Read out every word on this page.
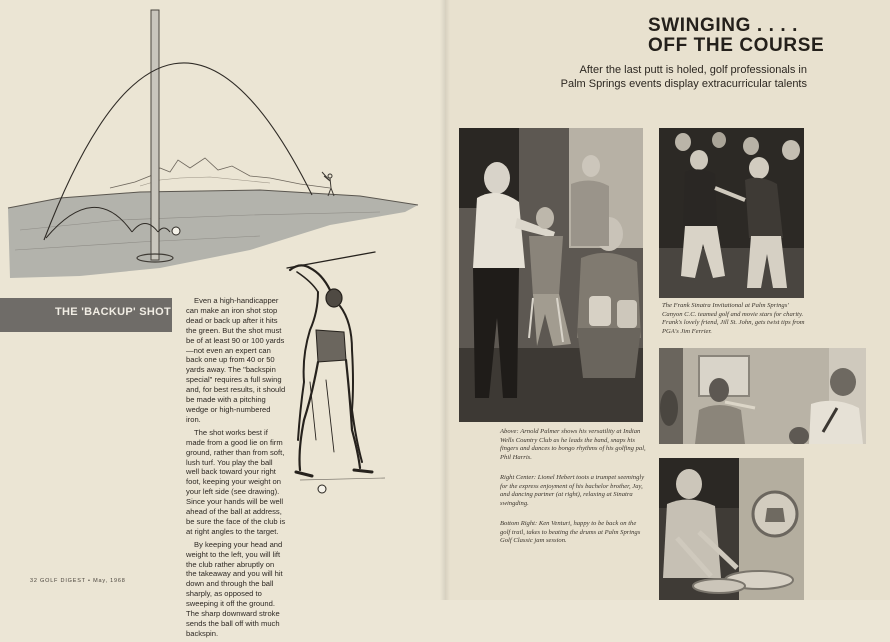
THE 'BACKUP' SHOT

Even a high-handicapper can make an iron shot stop dead or back up after it hits the green. But the shot must be of at least 90 or 100 yards—not even an expert can back one up from 40 or 50 yards away. The "backspin special" requires a full swing and, for best results, it should be made with a pitching wedge or high-numbered iron.

The shot works best if made from a good lie on firm ground, rather than from soft, lush turf. You play the ball well back toward your right foot, keeping your weight on your left side (see drawing). Since your hands will be well ahead of the ball at address, be sure the face of the club is at right angles to the target.

By keeping your head and weight to the left, you will lift the club rather abruptly on the takeaway and you will hit down and through the ball sharply, as opposed to sweeping it off the ground. The sharp downward stroke sends the ball off with much backspin.

32 GOLF DIGEST • May, 1968
SWINGING . . . .
OFF THE COURSE
After the last putt is holed, golf professionals in
Palm Springs events display extracurricular talents
The Frank Sinatra Invitational at Palm Springs' Canyon C.C. teamed golf and movie stars for charity. Frank's lovely friend, Jill St. John, gets twist tips from PGA's Jim Ferrier.
Above: Arnold Palmer shows his versatility at Indian Wells Country Club as he leads the band, snaps his fingers and dances to bongo rhythms of his golfing pal, Phil Harris.
Right Center: Lionel Hebert toots a trumpet seemingly for the express enjoyment of his bachelor brother, Jay, and dancing partner (at right), relaxing at Sinatra swingding.
Bottom Right: Ken Venturi, happy to be back on the golf trail, takes to beating the drums at Palm Springs Golf Classic jam session.
